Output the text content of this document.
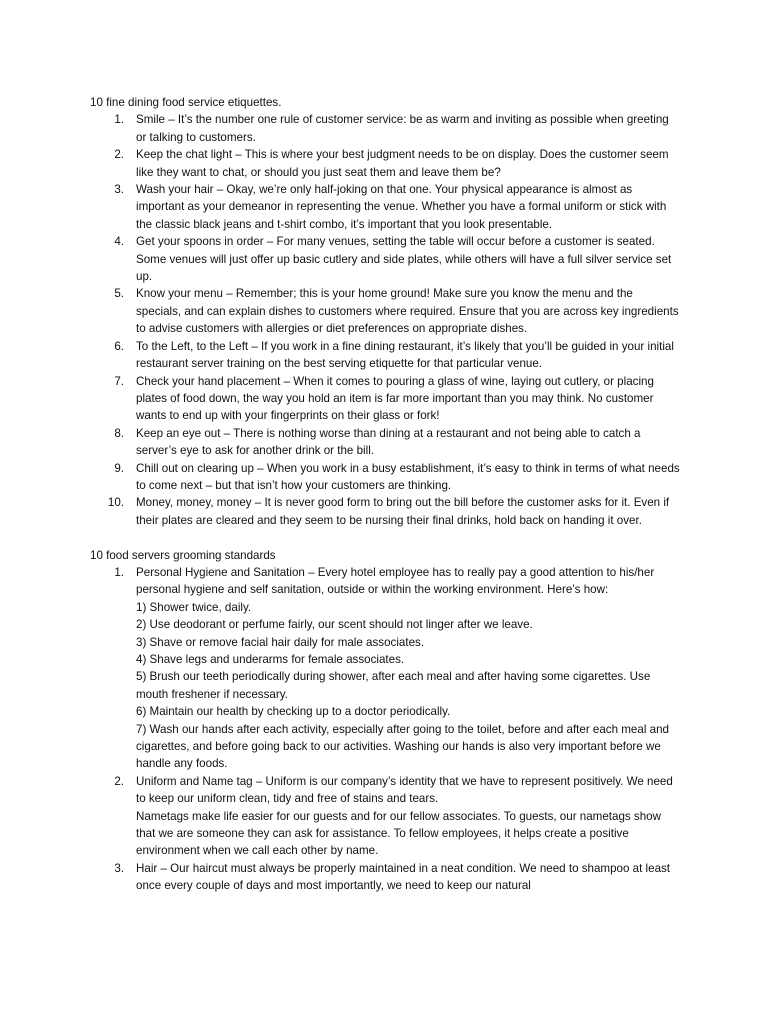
10 fine dining food service etiquettes.

1. Smile – It’s the number one rule of customer service: be as warm and inviting as possible when greeting or talking to customers.
2. Keep the chat light – This is where your best judgment needs to be on display. Does the customer seem like they want to chat, or should you just seat them and leave them be?
3. Wash your hair – Okay, we’re only half-joking on that one. Your physical appearance is almost as important as your demeanor in representing the venue. Whether you have a formal uniform or stick with the classic black jeans and t-shirt combo, it’s important that you look presentable.
4. Get your spoons in order – For many venues, setting the table will occur before a customer is seated. Some venues will just offer up basic cutlery and side plates, while others will have a full silver service set up.
5. Know your menu – Remember; this is your home ground! Make sure you know the menu and the specials, and can explain dishes to customers where required. Ensure that you are across key ingredients to advise customers with allergies or diet preferences on appropriate dishes.
6. To the Left, to the Left – If you work in a fine dining restaurant, it’s likely that you’ll be guided in your initial restaurant server training on the best serving etiquette for that particular venue.
7. Check your hand placement – When it comes to pouring a glass of wine, laying out cutlery, or placing plates of food down, the way you hold an item is far more important than you may think. No customer wants to end up with your fingerprints on their glass or fork!
8. Keep an eye out – There is nothing worse than dining at a restaurant and not being able to catch a server’s eye to ask for another drink or the bill.
9. Chill out on clearing up – When you work in a busy establishment, it’s easy to think in terms of what needs to come next – but that isn’t how your customers are thinking.
10. Money, money, money – It is never good form to bring out the bill before the customer asks for it. Even if their plates are cleared and they seem to be nursing their final drinks, hold back on handing it over.

10 food servers grooming standards

1. Personal Hygiene and Sanitation – Every hotel employee has to really pay a good attention to his/her personal hygiene and self sanitation, outside or within the working environment. Here’s how:
1) Shower twice, daily.
2) Use deodorant or perfume fairly, our scent should not linger after we leave.
3) Shave or remove facial hair daily for male associates.
4) Shave legs and underarms for female associates.
5) Brush our teeth periodically during shower, after each meal and after having some cigarettes. Use mouth freshener if necessary.
6) Maintain our health by checking up to a doctor periodically.
7) Wash our hands after each activity, especially after going to the toilet, before and after each meal and cigarettes, and before going back to our activities. Washing our hands is also very important before we handle any foods.
2. Uniform and Name tag – Uniform is our company’s identity that we have to represent positively. We need to keep our uniform clean, tidy and free of stains and tears.
Nametags make life easier for our guests and for our fellow associates. To guests, our nametags show that we are someone they can ask for assistance. To fellow employees, it helps create a positive environment when we call each other by name.
3. Hair – Our haircut must always be properly maintained in a neat condition. We need to shampoo at least once every couple of days and most importantly, we need to keep our natural
